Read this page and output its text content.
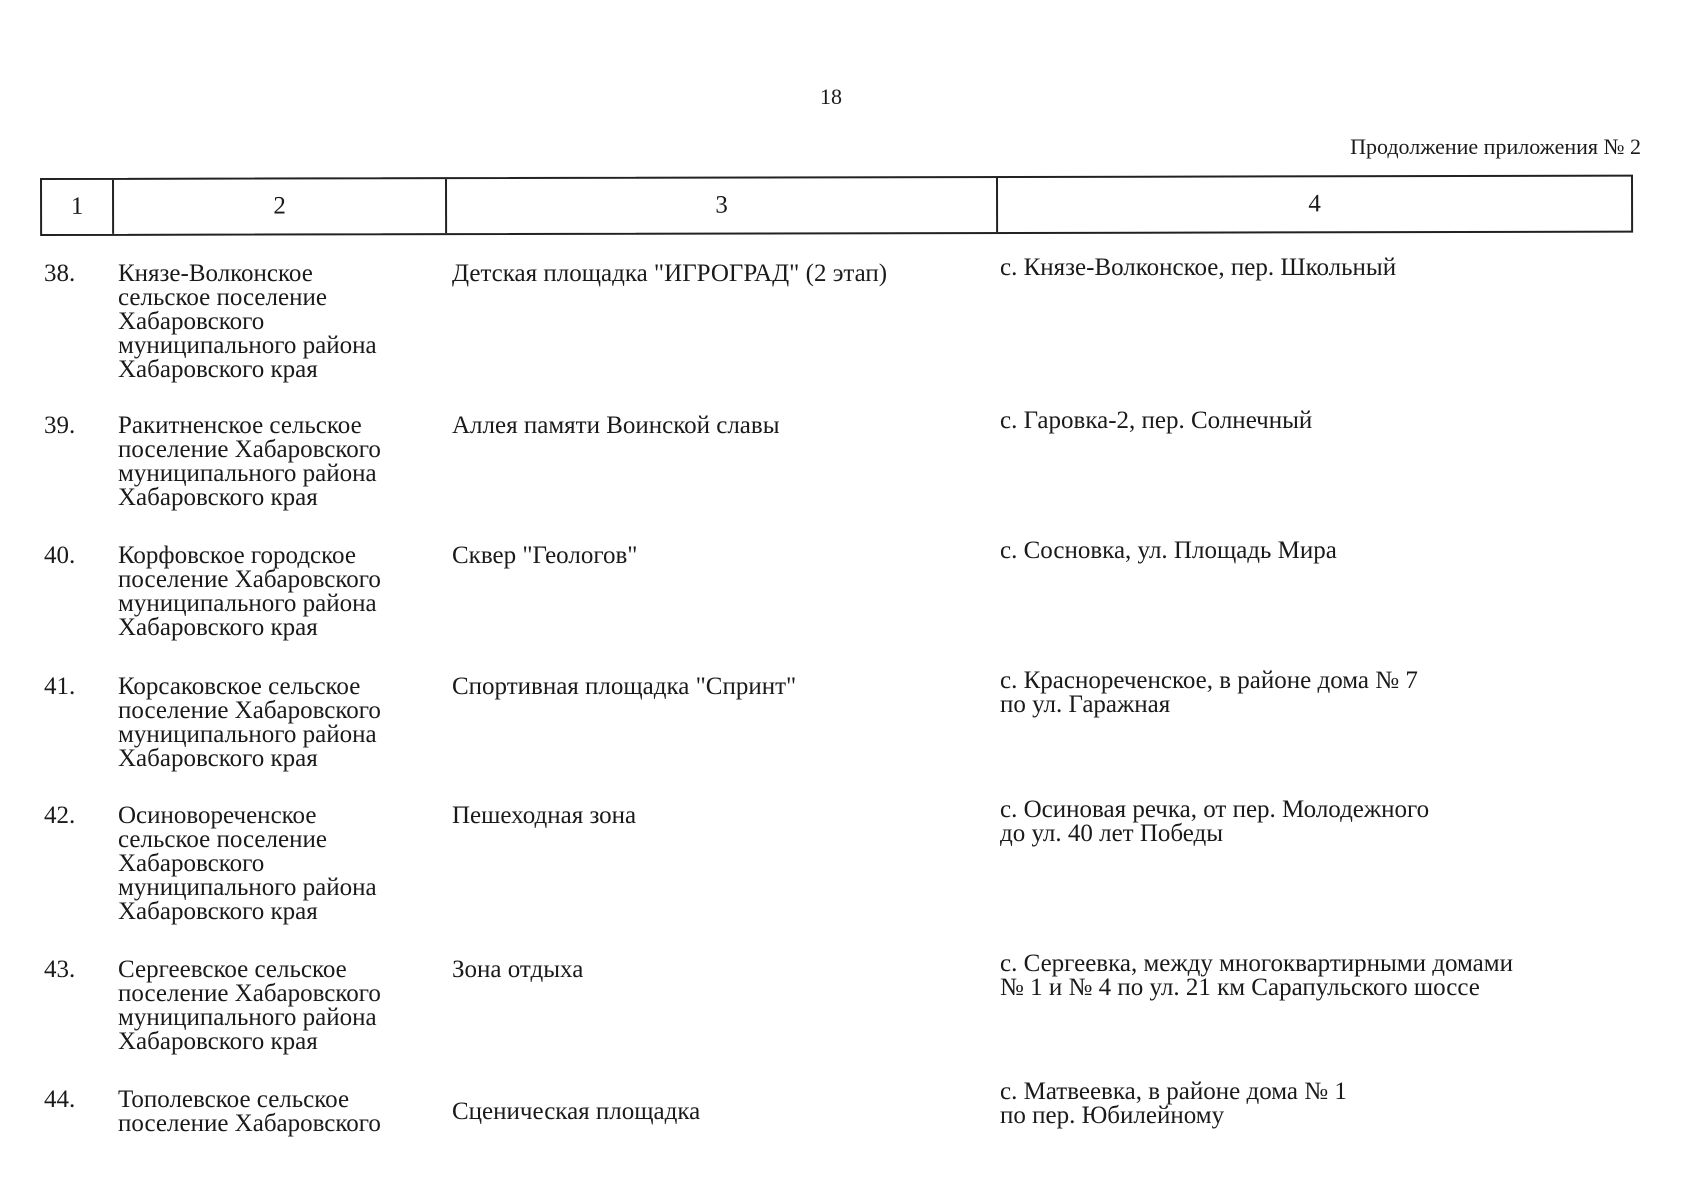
18
Продолжение приложения № 2
1	2	3	4
38. Князе-Волконское
сельское поселение
Хабаровского
муниципального района
Хабаровского края
Детская площадка "ИГРОГРАД" (2 этап)	с. Князе-Волконское, пер. Школьный
39. Ракитненское сельское
поселение Хабаровского
муниципального района
Хабаровского края
Аллея памяти Воинской славы	с. Гаровка-2, пер. Солнечный
40. Корфовское городское
поселение Хабаровского
муниципального района
Хабаровского края
Сквер "Геологов"	с. Сосновка, ул. Площадь Мира
41. Корсаковское сельское
поселение Хабаровского
муниципального района
Хабаровского края
Спортивная площадка "Спринт"	с. Краснореченское, в районе дома № 7
по ул. Гаражная
42. Осиновореченское
сельское поселение
Хабаровского
муниципального района
Хабаровского края
Пешеходная зона	с. Осиновая речка, от пер. Молодежного
до ул. 40 лет Победы
43. Сергеевское сельское
поселение Хабаровского
муниципального района
Хабаровского края
Зона отдыха	с. Сергеевка, между многоквартирными домами
№ 1 и № 4 по ул. 21 км Сарапульского шоссе
44. Тополевское сельское
поселение Хабаровского	Сценическая площадка
с. Матвеевка, в районе дома № 1
по пер. Юбилейному
